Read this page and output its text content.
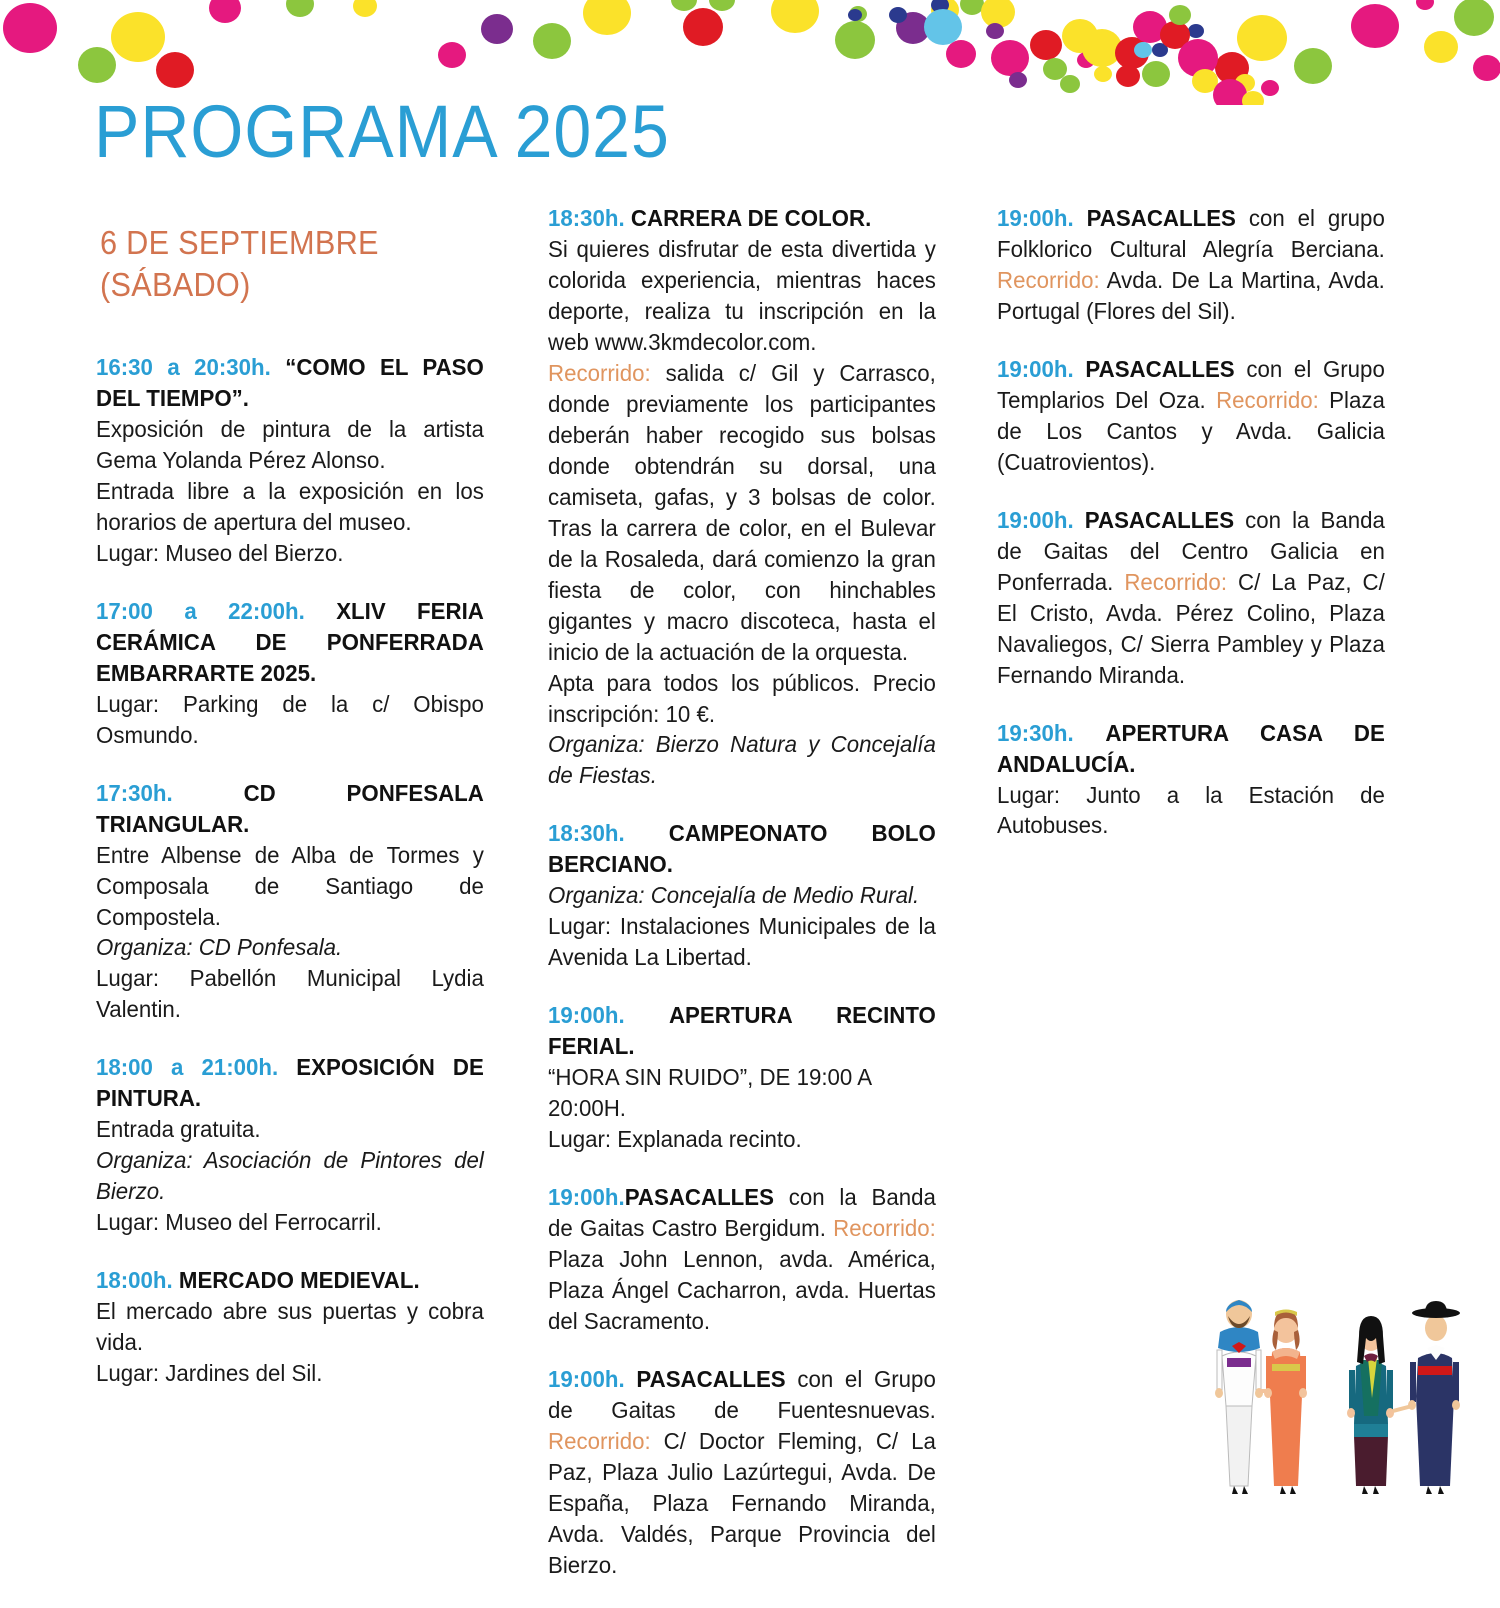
PROGRAMA 2025
6 DE SEPTIEMBRE
(SÁBADO)

16:30 a 20:30h. “COMO EL PASO DEL TIEMPO”.

Exposición de pintura de la artista Gema Yolanda Pérez Alonso.

Entrada libre a la exposición en los horarios de apertura del museo.

Lugar: Museo del Bierzo.

17:00 a 22:00h. XLIV FERIA CERÁMICA DE PONFERRADA EMBARRARTE 2025.

Lugar: Parking de la c/ Obispo Osmundo.

17:30h.	CD PONFESALA TRIANGULAR.

Entre Albense de Alba de Tormes y Composala de Santiago de Compostela.

Organiza: CD Ponfesala.

Lugar: Pabellón Municipal Lydia Valentin.

18:00 a 21:00h. EXPOSICIÓN DE PINTURA.

Entrada gratuita.

Organiza: Asociación de Pintores del Bierzo.

Lugar: Museo del Ferrocarril.

18:00h. MERCADO MEDIEVAL.

El mercado abre sus puertas y cobra vida.

Lugar: Jardines del Sil.

18:30h. CARRERA DE COLOR.

Si quieres disfrutar de esta divertida y colorida experiencia, mientras haces deporte, realiza tu inscripción en la web www.3kmdecolor.com.

Recorrido: salida c/ Gil y Carrasco, donde previamente los participantes deberán haber recogido sus bolsas donde obtendrán su dorsal, una camiseta, gafas, y 3 bolsas de color. Tras la carrera de color, en el Bulevar de la Rosaleda, dará comienzo la gran fiesta de color, con hinchables gigantes y macro discoteca, hasta el inicio de la actuación de la orquesta.

Apta para todos los públicos. Precio inscripción: 10 €.

Organiza: Bierzo Natura y Concejalía de Fiestas.

18:30h. CAMPEONATO BOLO BERCIANO.

Organiza: Concejalía de Medio Rural.

Lugar: Instalaciones Municipales de la Avenida La Libertad.

19:00h. APERTURA RECINTO FERIAL.

“HORA SIN RUIDO”, DE 19:00 A 20:00H.

Lugar: Explanada recinto.

19:00h.PASACALLES con la Banda de Gaitas Castro Bergidum. Recorrido: Plaza John Lennon, avda. América, Plaza Ángel Cacharron, avda. Huertas del Sacramento.

19:00h. PASACALLES con el Grupo de Gaitas de Fuentesnuevas. Recorrido: C/ Doctor Fleming, C/ La Paz, Plaza Julio Lazúrtegui, Avda. De España, Plaza Fernando Miranda, Avda. Valdés, Parque Provincia del Bierzo.

19:00h. PASACALLES con el grupo Folklorico Cultural Alegría Berciana. Recorrido: Avda. De La Martina, Avda. Portugal (Flores del Sil).

19:00h. PASACALLES con el Grupo Templarios Del Oza. Recorrido: Plaza de Los Cantos y Avda. Galicia (Cuatrovientos).

19:00h. PASACALLES con la Banda de Gaitas del Centro Galicia en Ponferrada. Recorrido: C/ La Paz, C/ El Cristo, Avda. Pérez Colino, Plaza Navaliegos, C/ Sierra Pambley y Plaza Fernando Miranda.

19:30h. APERTURA CASA DE ANDALUCÍA.

Lugar: Junto a la Estación de Autobuses.
